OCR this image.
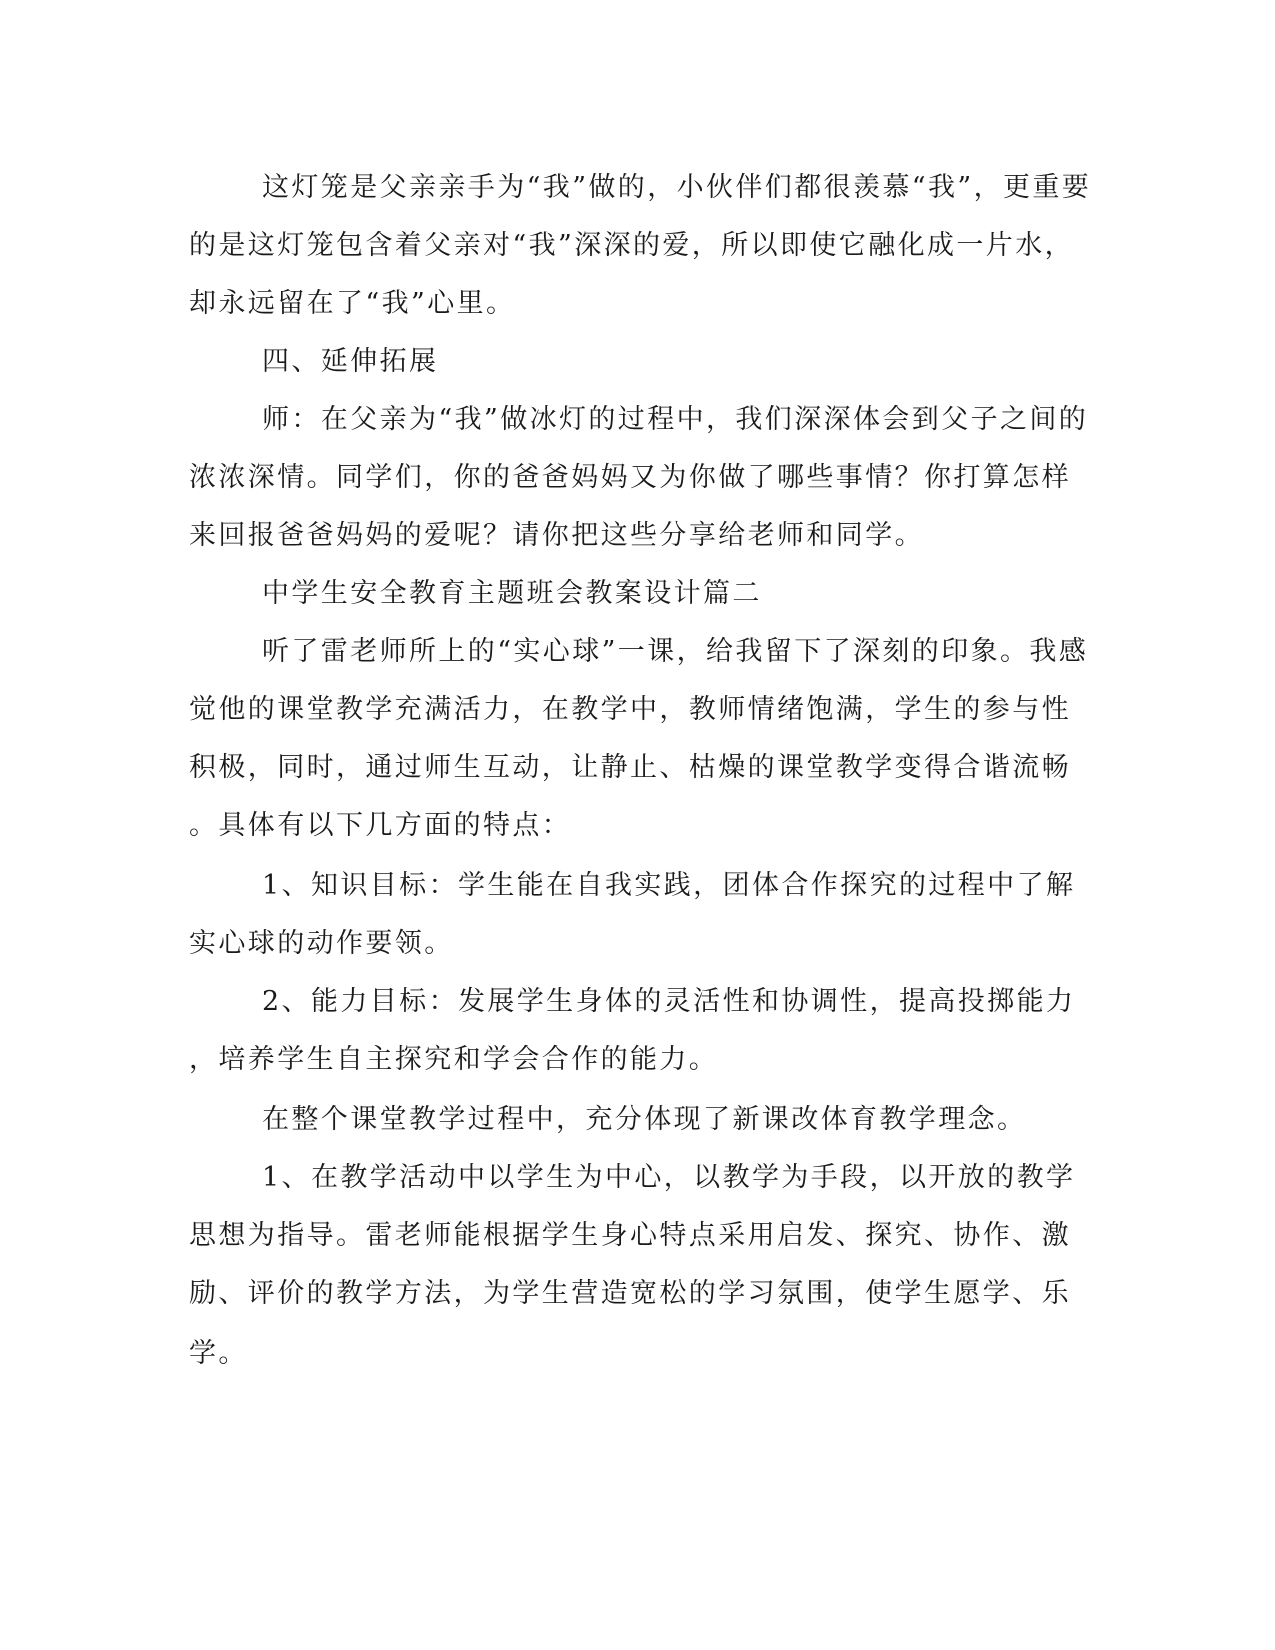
这灯笼是父亲亲手为“我”做的，小伙伴们都很羡慕“我”，更重要
的是这灯笼包含着父亲对“我”深深的爱，所以即使它融化成一片水，
却永远留在了“我”心里。
四、延伸拓展
师：在父亲为“我”做冰灯的过程中，我们深深体会到父子之间的
浓浓深情。同学们，你的爸爸妈妈又为你做了哪些事情？你打算怎样
来回报爸爸妈妈的爱呢？请你把这些分享给老师和同学。
中学生安全教育主题班会教案设计篇二
听了雷老师所上的“实心球”一课，给我留下了深刻的印象。我感
觉他的课堂教学充满活力，在教学中，教师情绪饱满，学生的参与性
积极，同时，通过师生互动，让静止、枯燥的课堂教学变得合谐流畅
。具体有以下几方面的特点：
1、知识目标：学生能在自我实践，团体合作探究的过程中了解
实心球的动作要领。
2、能力目标：发展学生身体的灵活性和协调性，提高投掷能力
，培养学生自主探究和学会合作的能力。
在整个课堂教学过程中，充分体现了新课改体育教学理念。
1、在教学活动中以学生为中心，以教学为手段，以开放的教学
思想为指导。雷老师能根据学生身心特点采用启发、探究、协作、激
励、评价的教学方法，为学生营造宽松的学习氛围，使学生愿学、乐
学。
